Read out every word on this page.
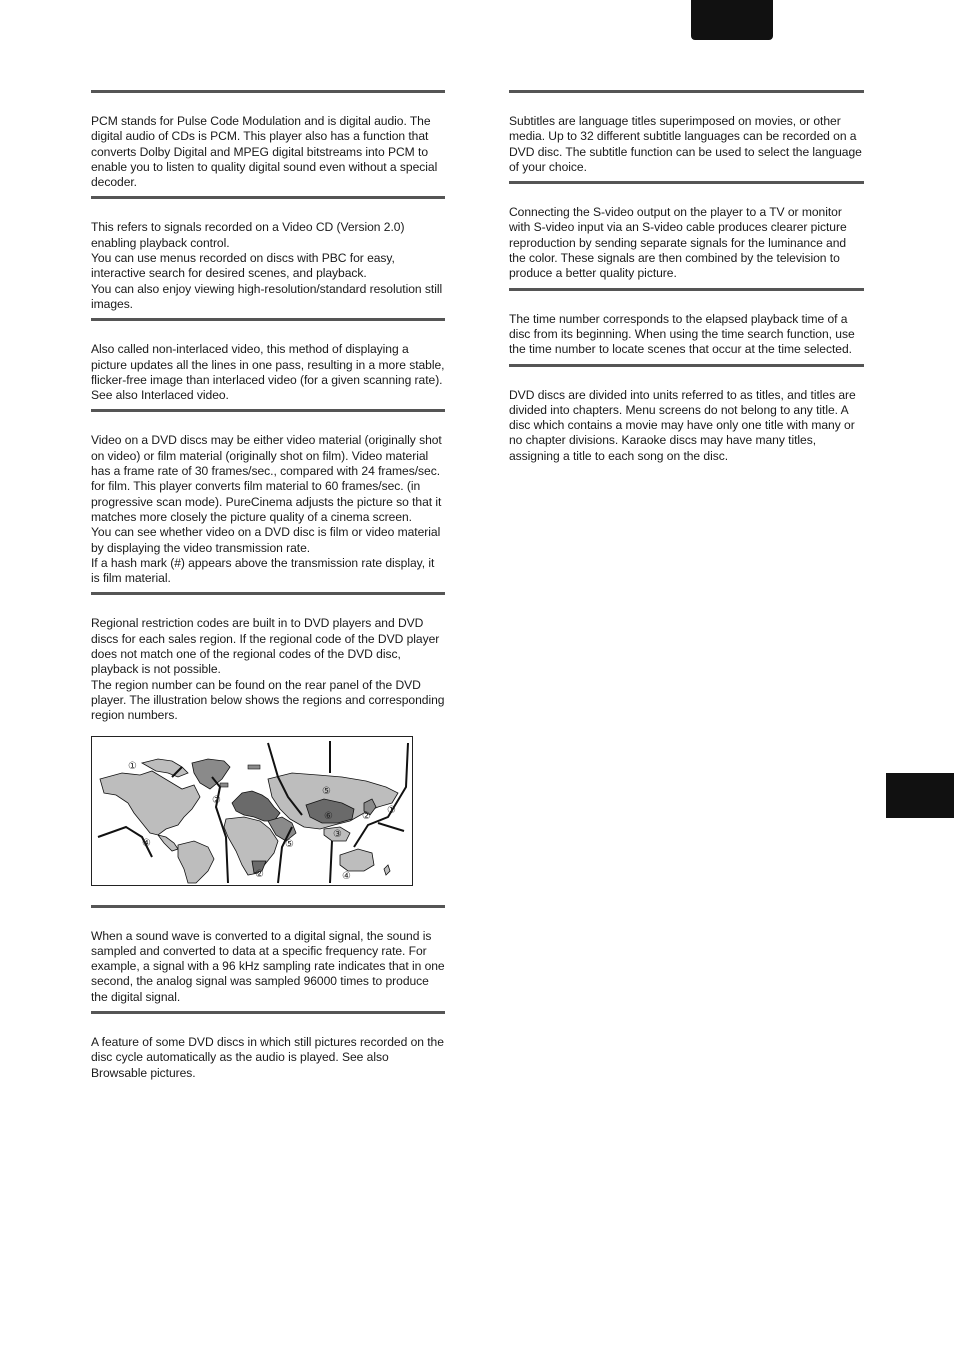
PCM stands for Pulse Code Modulation and is digital audio. The digital audio of CDs is PCM. This player also has a function that converts Dolby Digital and MPEG digital bitstreams into PCM to enable you to listen to quality digital sound even without a special decoder.

This refers to signals recorded on a Video CD (Version 2.0) enabling playback control.

You can use menus recorded on discs with PBC for easy, interactive search for desired scenes, and playback.

You can also enjoy viewing high-resolution/standard resolution still images.

Also called non-interlaced video, this method of displaying a picture updates all the lines in one pass, resulting in a more stable, flicker-free image than interlaced video (for a given scanning rate). See also Interlaced video.

Video on a DVD discs may be either video material (originally shot on video) or film material (originally shot on film). Video material has a frame rate of 30 frames/sec., compared with 24 frames/sec. for film. This player converts film material to 60 frames/sec. (in progressive scan mode). PureCinema adjusts the picture so that it matches more closely the picture quality of a cinema screen.

You can see whether video on a DVD disc is film or video material by displaying the video transmission rate.

If a hash mark (#) appears above the transmission rate display, it is film material.

Regional restriction codes are built in to DVD players and DVD discs for each sales region. If the regional code of the DVD player does not match one of the regional codes of the DVD disc, playback is not possible.

The region number can be found on the rear panel of the DVD player. The illustration below shows the regions and corresponding region numbers.

①
②
④
②
⑤
⑥
③
②
①
⑤
④

When a sound wave is converted to a digital signal, the sound is sampled and converted to data at a specific frequency rate. For example, a signal with a 96 kHz sampling rate indicates that in one second, the analog signal was sampled 96000 times to produce the digital signal.

A feature of some DVD discs in which still pictures recorded on the disc cycle automatically as the audio is played. See also Browsable pictures.

Subtitles are language titles superimposed on movies, or other media. Up to 32 different subtitle languages can be recorded on a DVD disc. The subtitle function can be used to select the language of your choice.

Connecting the S-video output on the player to a TV or monitor with S-video input via an S-video cable produces clearer picture reproduction by sending separate signals for the luminance and the color. These signals are then combined by the television to produce a better quality picture.

The time number corresponds to the elapsed playback time of a disc from its beginning. When using the time search function, use the time number to locate scenes that occur at the time selected.

DVD discs are divided into units referred to as titles, and titles are divided into chapters. Menu screens do not belong to any title. A disc which contains a movie may have only one title with many or no chapter divisions. Karaoke discs may have many titles, assigning a title to each song on the disc.
